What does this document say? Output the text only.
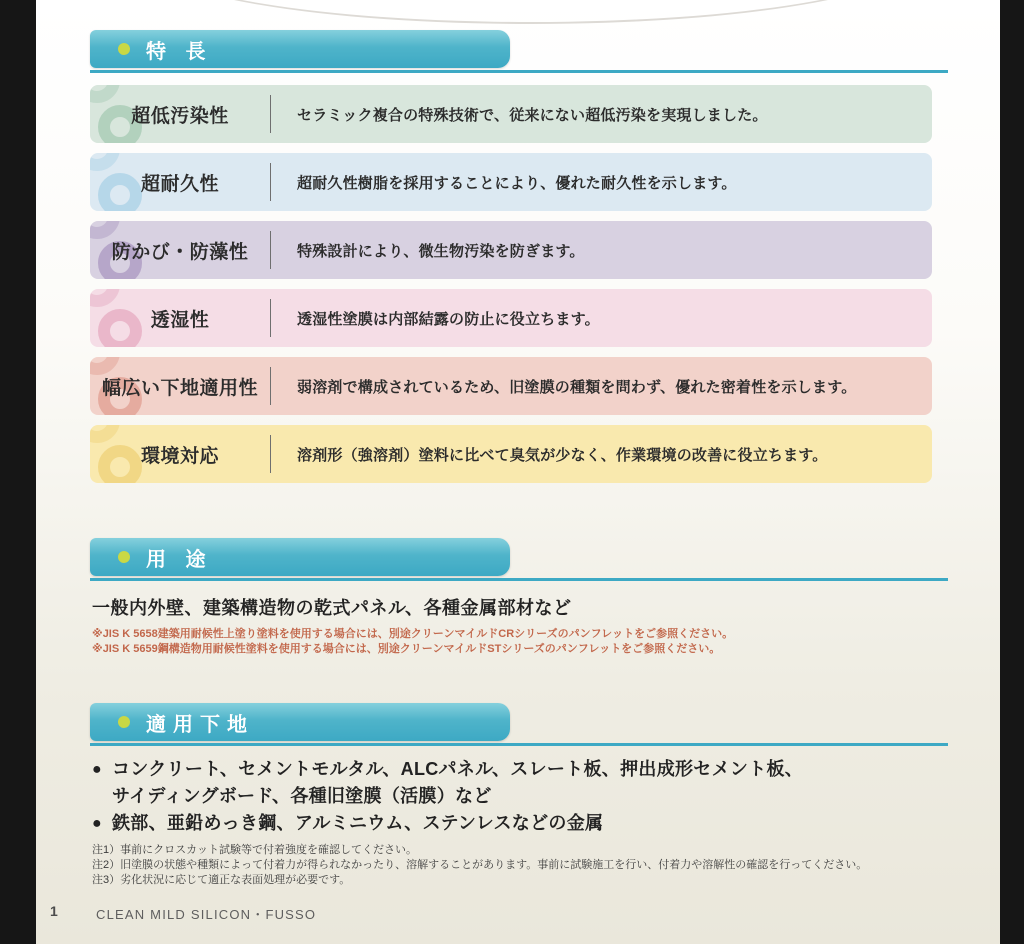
特 長
超低汚染性	セラミック複合の特殊技術で、従来にない超低汚染を実現しました。
超耐久性	超耐久性樹脂を採用することにより、優れた耐久性を示します。
防かび・防藻性	特殊設計により、微生物汚染を防ぎます。
透湿性	透湿性塗膜は内部結露の防止に役立ちます。
幅広い下地適用性	弱溶剤で構成されているため、旧塗膜の種類を問わず、優れた密着性を示します。
環境対応	溶剤形（強溶剤）塗料に比べて臭気が少なく、作業環境の改善に役立ちます。
用 途
一般内外壁、建築構造物の乾式パネル、各種金属部材など
※JIS K 5658建築用耐候性上塗り塗料を使用する場合には、別途クリーンマイルドCRシリーズのパンフレットをご参照ください。
※JIS K 5659鋼構造物用耐候性塗料を使用する場合には、別途クリーンマイルドSTシリーズのパンフレットをご参照ください。
適用下地
● コンクリート、セメントモルタル、ALCパネル、スレート板、押出成形セメント板、
サイディングボード、各種旧塗膜（活膜）など
● 鉄部、亜鉛めっき鋼、アルミニウム、ステンレスなどの金属
注1）事前にクロスカット試験等で付着強度を確認してください。
注2）旧塗膜の状態や種類によって付着力が得られなかったり、溶解することがあります。事前に試験施工を行い、付着力や溶解性の確認を行ってください。
注3）劣化状況に応じて適正な表面処理が必要です。
1	CLEAN MILD SILICON・FUSSO
